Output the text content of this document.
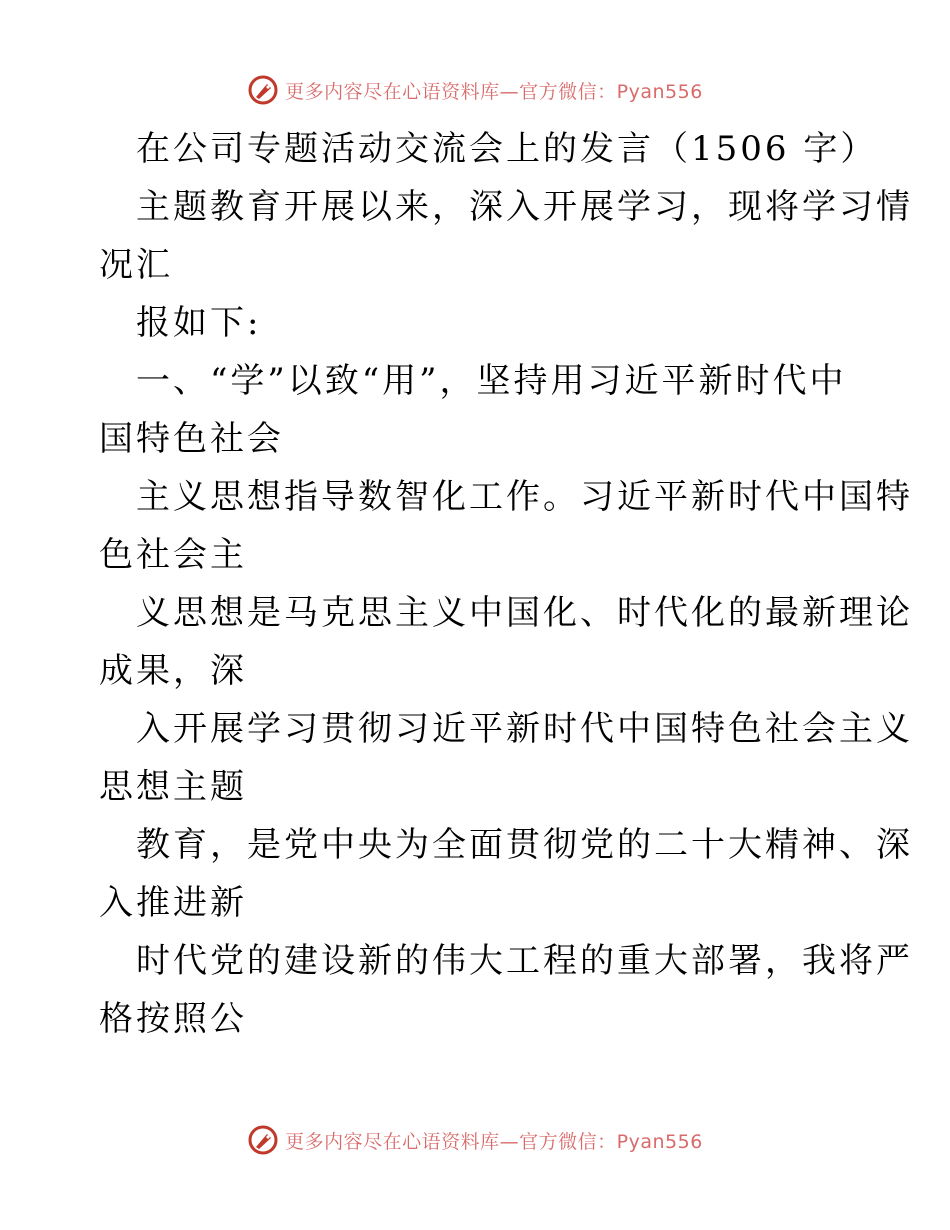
更多内容尽在心语资料库—官方微信：Pyan556
在公司专题活动交流会上的发言（1506 字）
主题教育开展以来，深入开展学习，现将学习情
况汇
报如下:
一、“学”以致“用”，坚持用习近平新时代中
国特色社会
主义思想指导数智化工作。习近平新时代中国特
色社会主
义思想是马克思主义中国化、时代化的最新理论
成果，深
入开展学习贯彻习近平新时代中国特色社会主义
思想主题
教育，是党中央为全面贯彻党的二十大精神、深
入推进新
时代党的建设新的伟大工程的重大部署，我将严
格按照公
更多内容尽在心语资料库—官方微信：Pyan556
